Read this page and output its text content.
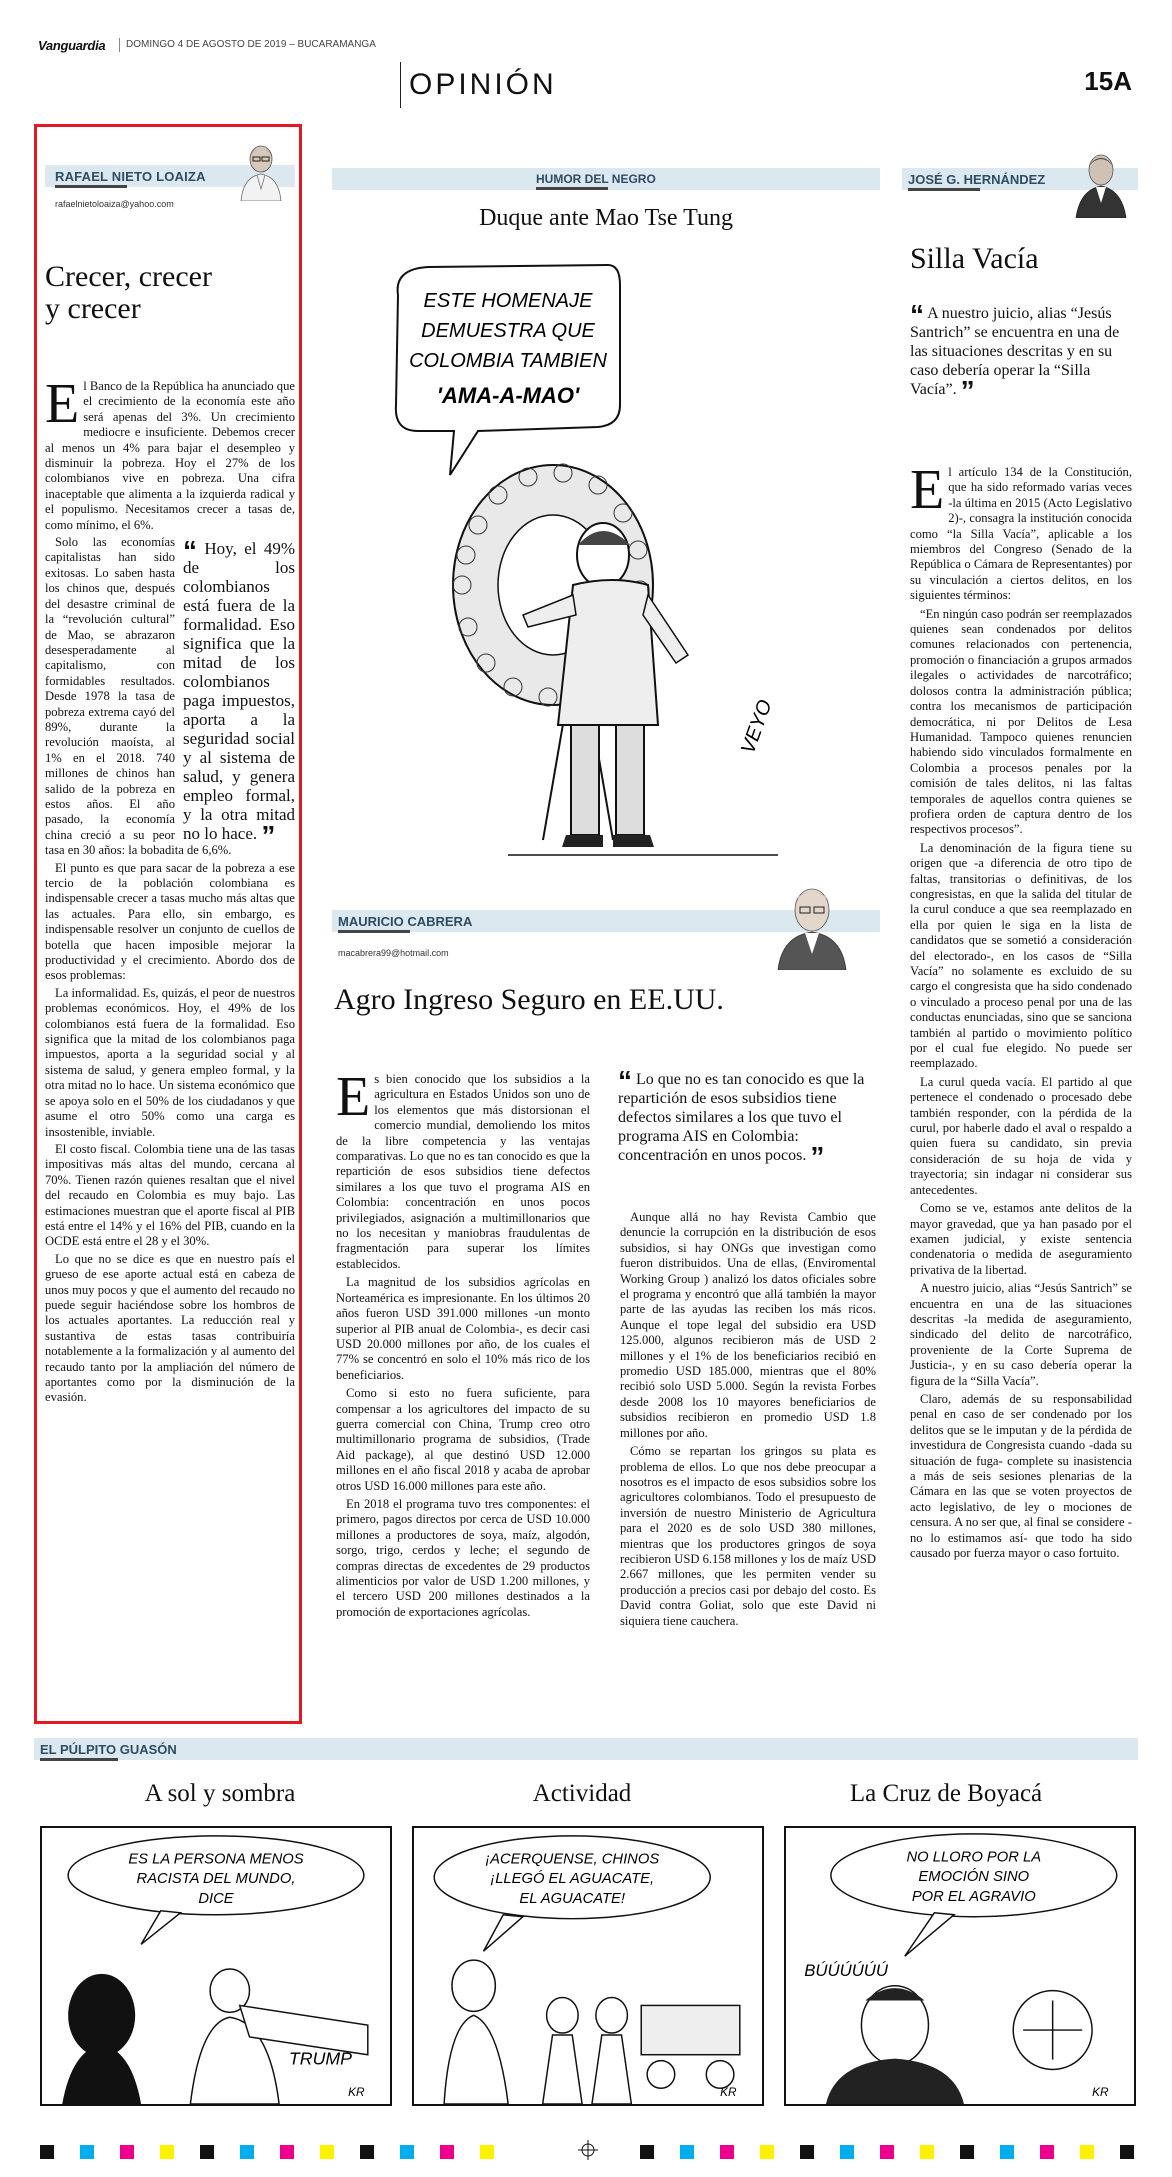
Vanguardia DOMINGO 4 DE AGOSTO DE 2019 – BUCARAMANGA
OPINIÓN	15A
RAFAEL NIETO LOAIZA
rafaelnietoloaiza@yahoo.com
Crecer, crecer
y crecer

El Banco de la República ha anunciado que el crecimiento de la economía este año será apenas del 3%. Un crecimiento mediocre e insuficiente. Debemos crecer al menos un 4% para bajar el desempleo y disminuir la pobreza. Hoy el 27% de los colombianos vive en pobreza. Una cifra inaceptable que alimenta a la izquierda radical y el populismo. Necesitamos crecer a tasas de, como mínimo, el 6%.

“ Hoy, el 49% de los colombianos está fuera de la formalidad. Eso significa que la mitad de los colombianos paga impuestos, aporta a la seguridad social y al sistema de salud, y genera empleo formal, y la otra mitad no lo hace. ”

Solo las economías capitalistas han sido exitosas. Lo saben hasta los chinos que, después del desastre criminal de la “revolución cultural” de Mao, se abrazaron desesperadamente al capitalismo, con formidables resultados. Desde 1978 la tasa de pobreza extrema cayó del 89%, durante la revolución maoísta, al 1% en el 2018. 740 millones de chinos han salido de la pobreza en estos años. El año pasado, la economía china creció a su peor tasa en 30 años: la bobadita de 6,6%.

El punto es que para sacar de la pobreza a ese tercio de la población colombiana es indispensable crecer a tasas mucho más altas que las actuales. Para ello, sin embargo, es indispensable resolver un conjunto de cuellos de botella que hacen imposible mejorar la productividad y el crecimiento. Abordo dos de esos problemas:

La informalidad. Es, quizás, el peor de nuestros problemas económicos. Hoy, el 49% de los colombianos está fuera de la formalidad. Eso significa que la mitad de los colombianos paga impuestos, aporta a la seguridad social y al sistema de salud, y genera empleo formal, y la otra mitad no lo hace. Un sistema económico que se apoya solo en el 50% de los ciudadanos y que asume el otro 50% como una carga es insostenible, inviable.

El costo fiscal. Colombia tiene una de las tasas impositivas más altas del mundo, cercana al 70%. Tienen razón quienes resaltan que el nivel del recaudo en Colombia es muy bajo. Las estimaciones muestran que el aporte fiscal al PIB está entre el 14% y el 16% del PIB, cuando en la OCDE está entre el 28 y el 30%.

Lo que no se dice es que en nuestro país el grueso de ese aporte actual está en cabeza de unos muy pocos y que el aumento del recaudo no puede seguir haciéndose sobre los hombros de los actuales aportantes. La reducción real y sustantiva de estas tasas contribuiría notablemente a la formalización y al aumento del recaudo tanto por la ampliación del número de aportantes como por la disminución de la evasión.

HUMOR DEL NEGRO
Duque ante Mao Tse Tung
ESTE HOMENAJE
DEMUESTRA QUE
COLOMBIA TAMBIEN
'AMA-A-MAO'
VEYO
MAURICIO CABRERA
macabrera99@hotmail.com
Agro Ingreso Seguro en EE.UU.

Es bien conocido que los subsidios a la agricultura en Estados Unidos son uno de los elementos que más distorsionan el comercio mundial, demoliendo los mitos de la libre competencia y las ventajas comparativas. Lo que no es tan conocido es que la repartición de esos subsidios tiene defectos similares a los que tuvo el programa AIS en Colombia: concentración en unos pocos privilegiados, asignación a multimillonarios que no los necesitan y maniobras fraudulentas de fragmentación para superar los límites establecidos.

La magnitud de los subsidios agrícolas en Norteamérica es impresionante. En los últimos 20 años fueron USD 391.000 millones -un monto superior al PIB anual de Colombia-, es decir casi USD 20.000 millones por año, de los cuales el 77% se concentró en solo el 10% más rico de los beneficiarios.

Como si esto no fuera suficiente, para compensar a los agricultores del impacto de su guerra comercial con China, Trump creo otro multimillonario programa de subsidios, (Trade Aid package), al que destinó USD 12.000 millones en el año fiscal 2018 y acaba de aprobar otros USD 16.000 millones para este año.

En 2018 el programa tuvo tres componentes: el primero, pagos directos por cerca de USD 10.000 millones a productores de soya, maíz, algodón, sorgo, trigo, cerdos y leche; el segundo de compras directas de excedentes de 29 productos alimenticios por valor de USD 1.200 millones, y el tercero USD 200 millones destinados a la promoción de exportaciones agrícolas.

“ Lo que no es tan conocido es que la repartición de esos subsidios tiene defectos similares a los que tuvo el programa AIS en Colombia: concentración en unos pocos. ”

Aunque allá no hay Revista Cambio que denuncie la corrupción en la distribución de esos subsidios, si hay ONGs que investigan como fueron distribuidos. Una de ellas, (Enviromental Working Group ) analizó los datos oficiales sobre el programa y encontró que allá también la mayor parte de las ayudas las reciben los más ricos. Aunque el tope legal del subsidio era USD 125.000, algunos recibieron más de USD 2 millones y el 1% de los beneficiarios recibió en promedio USD 185.000, mientras que el 80% recibió solo USD 5.000. Según la revista Forbes desde 2008 los 10 mayores beneficiarios de subsidios recibieron en promedio USD 1.8 millones por año.

Cómo se repartan los gringos su plata es problema de ellos. Lo que nos debe preocupar a nosotros es el impacto de esos subsidios sobre los agricultores colombianos. Todo el presupuesto de inversión de nuestro Ministerio de Agricultura para el 2020 es de solo USD 380 millones, mientras que los productores gringos de soya recibieron USD 6.158 millones y los de maíz USD 2.667 millones, que les permiten vender su producción a precios casi por debajo del costo. Es David contra Goliat, solo que este David ni siquiera tiene cauchera.

JOSÉ G. HERNÁNDEZ
Silla Vacía
“ A nuestro juicio, alias “Jesús Santrich” se encuentra en una de las situaciones descritas y en su caso debería operar la “Silla Vacía”. ”

El artículo 134 de la Constitución, que ha sido reformado varias veces -la última en 2015 (Acto Legislativo 2)-, consagra la institución conocida como “la Silla Vacía”, aplicable a los miembros del Congreso (Senado de la República o Cámara de Representantes) por su vinculación a ciertos delitos, en los siguientes términos:

“En ningún caso podrán ser reemplazados quienes sean condenados por delitos comunes relacionados con pertenencia, promoción o financiación a grupos armados ilegales o actividades de narcotráfico; dolosos contra la administración pública; contra los mecanismos de participación democrática, ni por Delitos de Lesa Humanidad. Tampoco quienes renuncien habiendo sido vinculados formalmente en Colombia a procesos penales por la comisión de tales delitos, ni las faltas temporales de aquellos contra quienes se profiera orden de captura dentro de los respectivos procesos”.

La denominación de la figura tiene su origen que -a diferencia de otro tipo de faltas, transitorias o definitivas, de los congresistas, en que la salida del titular de la curul conduce a que sea reemplazado en ella por quien le siga en la lista de candidatos que se sometió a consideración del electorado-, en los casos de “Silla Vacía” no solamente es excluido de su cargo el congresista que ha sido condenado o vinculado a proceso penal por una de las conductas enunciadas, sino que se sanciona también al partido o movimiento político por el cual fue elegido. No puede ser reemplazado.

La curul queda vacía. El partido al que pertenece el condenado o procesado debe también responder, con la pérdida de la curul, por haberle dado el aval o respaldo a quien fuera su candidato, sin previa consideración de su hoja de vida y trayectoria; sin indagar ni considerar sus antecedentes.

Como se ve, estamos ante delitos de la mayor gravedad, que ya han pasado por el examen judicial, y existe sentencia condenatoria o medida de aseguramiento privativa de la libertad.

A nuestro juicio, alias “Jesús Santrich” se encuentra en una de las situaciones descritas -la medida de aseguramiento, sindicado del delito de narcotráfico, proveniente de la Corte Suprema de Justicia-, y en su caso debería operar la figura de la “Silla Vacía”.

Claro, además de su responsabilidad penal en caso de ser condenado por los delitos que se le imputan y de la pérdida de investidura de Congresista cuando -dada su situación de fuga- complete su inasistencia a más de seis sesiones plenarias de la Cámara en las que se voten proyectos de acto legislativo, de ley o mociones de censura. A no ser que, al final se considere -no lo estimamos así- que todo ha sido causado por fuerza mayor o caso fortuito.

EL PÚLPITO GUASÓN
A sol y sombra	Actividad	La Cruz de Boyacá
ES LA PERSONA MENOS
RACISTA DEL MUNDO,
DICE
TRUMP
KR
¡ACERQUENSE, CHINOS
¡LLEGÓ EL AGUACATE,
EL AGUACATE!
KR
NO LLORO POR LA
EMOCIÓN SINO
POR EL AGRAVIO
BÚÚÚÚÚÚ
KR
